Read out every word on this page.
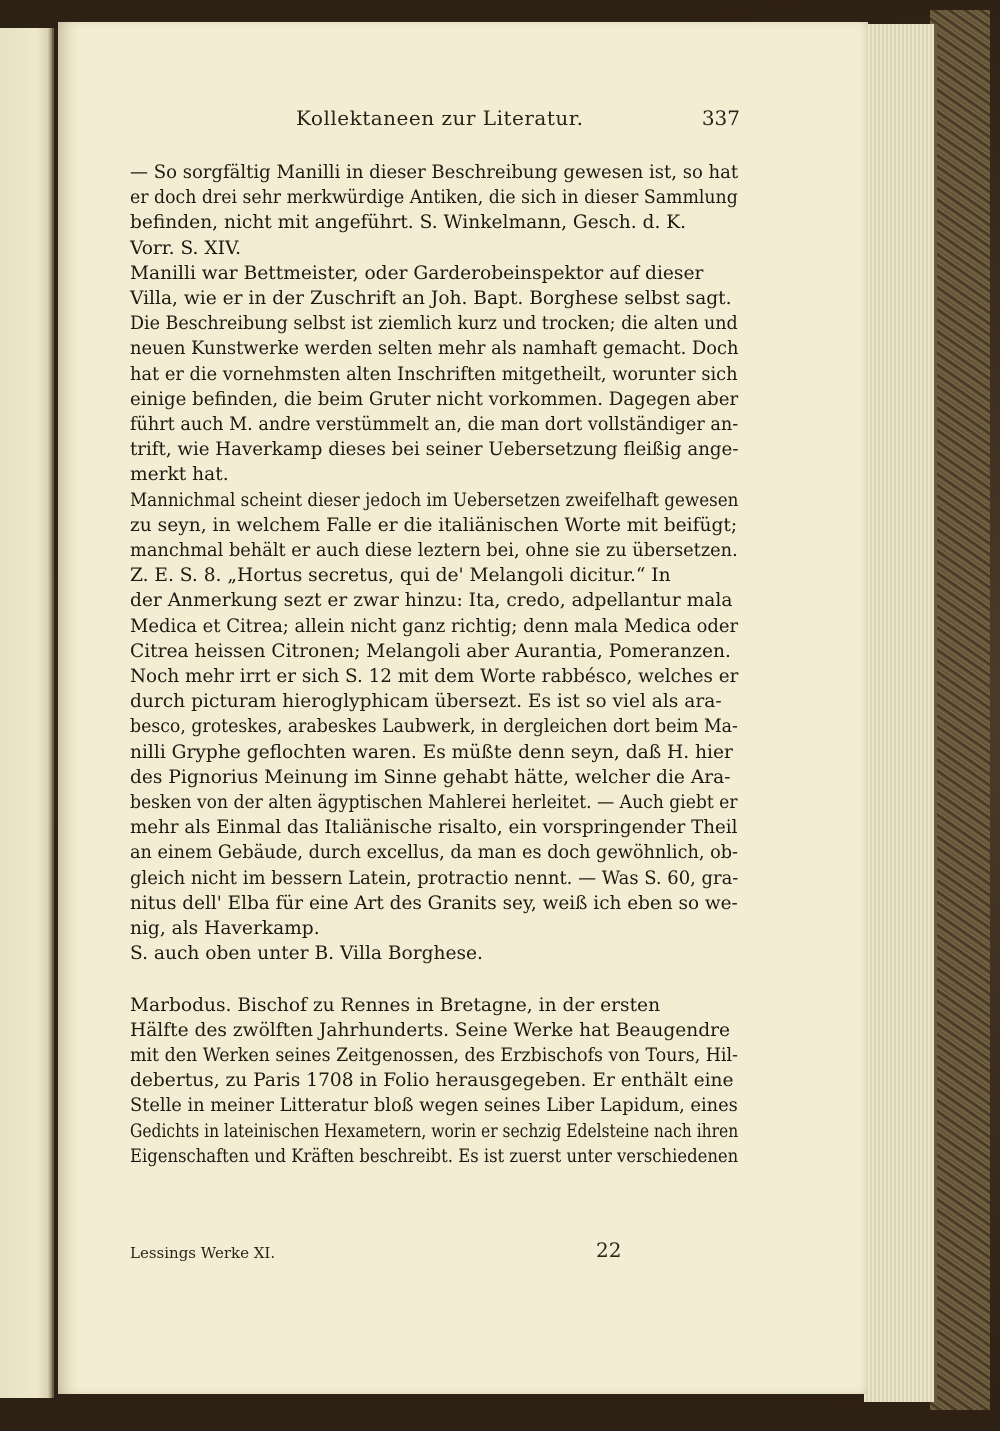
Kollektaneen zur Literatur.	337
— So sorgfältig Manilli in dieser Beschreibung gewesen ist, so hat
er doch drei sehr merkwürdige Antiken, die sich in dieser Sammlung
befinden, nicht mit angeführt. S. Winkelmann, Gesch. d. K.
Vorr. S. XIV.
Manilli war Bettmeister, oder Garderobeinspektor auf dieser
Villa, wie er in der Zuschrift an Joh. Bapt. Borghese selbst sagt.
Die Beschreibung selbst ist ziemlich kurz und trocken; die alten und
neuen Kunstwerke werden selten mehr als namhaft gemacht. Doch
hat er die vornehmsten alten Inschriften mitgetheilt, worunter sich
einige befinden, die beim Gruter nicht vorkommen. Dagegen aber
führt auch M. andre verstümmelt an, die man dort vollständiger an-
trift, wie Haverkamp dieses bei seiner Uebersetzung fleißig ange-
merkt hat.
Mannichmal scheint dieser jedoch im Uebersetzen zweifelhaft gewesen
zu seyn, in welchem Falle er die italiänischen Worte mit beifügt;
manchmal behält er auch diese leztern bei, ohne sie zu übersetzen.
Z. E. S. 8. „Hortus secretus, qui de' Melangoli dicitur.“ In
der Anmerkung sezt er zwar hinzu: Ita, credo, adpellantur mala
Medica et Citrea; allein nicht ganz richtig; denn mala Medica oder
Citrea heissen Citronen; Melangoli aber Aurantia, Pomeranzen.
Noch mehr irrt er sich S. 12 mit dem Worte rabbésco, welches er
durch picturam hieroglyphicam übersezt. Es ist so viel als ara-
besco, groteskes, arabeskes Laubwerk, in dergleichen dort beim Ma-
nilli Gryphe geflochten waren. Es müßte denn seyn, daß H. hier
des Pignorius Meinung im Sinne gehabt hätte, welcher die Ara-
besken von der alten ägyptischen Mahlerei herleitet. — Auch giebt er
mehr als Einmal das Italiänische risalto, ein vorspringender Theil
an einem Gebäude, durch excellus, da man es doch gewöhnlich, ob-
gleich nicht im bessern Latein, protractio nennt. — Was S. 60, gra-
nitus dell' Elba für eine Art des Granits sey, weiß ich eben so we-
nig, als Haverkamp.
S. auch oben unter B. Villa Borghese.
Marbodus. Bischof zu Rennes in Bretagne, in der ersten
Hälfte des zwölften Jahrhunderts. Seine Werke hat Beaugendre
mit den Werken seines Zeitgenossen, des Erzbischofs von Tours, Hil-
debertus, zu Paris 1708 in Folio herausgegeben. Er enthält eine
Stelle in meiner Litteratur bloß wegen seines Liber Lapidum, eines
Gedichts in lateinischen Hexametern, worin er sechzig Edelsteine nach ihren
Eigenschaften und Kräften beschreibt. Es ist zuerst unter verschiedenen
Lessings Werke XI.	22
